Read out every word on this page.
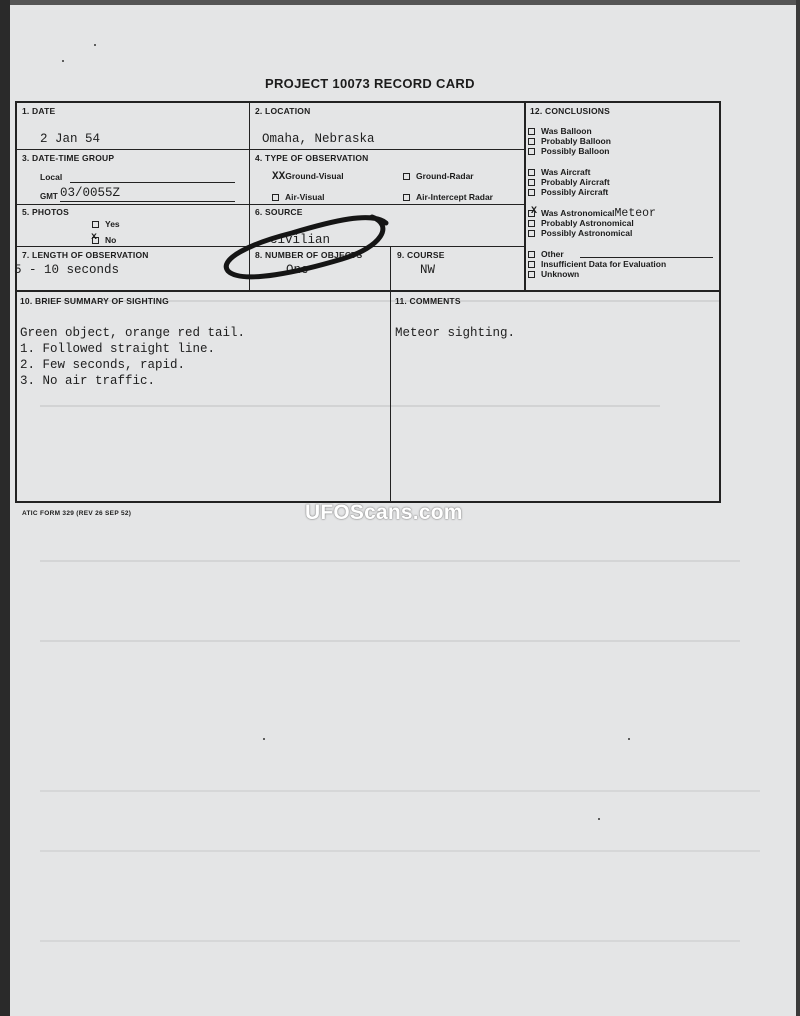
PROJECT 10073 RECORD CARD
1. DATE
2 Jan 54
2. LOCATION
Omaha, Nebraska
3. DATE-TIME GROUP
Local
GMT 03/0055Z
4. TYPE OF OBSERVATION
XXGround-Visual	Ground-Radar
Air-Visual	Air-Intercept Radar
5. PHOTOS
Yes
x No
6. SOURCE
civilian
7. LENGTH OF OBSERVATION
5 - 10 seconds
8. NUMBER OF OBJECTS
One
9. COURSE
NW
10. BRIEF SUMMARY OF SIGHTING
Green object, orange red tail.
1. Followed straight line.
2. Few seconds, rapid.
3. No air traffic.
11. COMMENTS
Meteor sighting.
12. CONCLUSIONS
Was Balloon
Probably Balloon
Possibly Balloon
Was Aircraft
Probably Aircraft
Possibly Aircraft
X Was AstronomicalMeteor
Probably Astronomical
Possibly Astronomical
Other
Insufficient Data for Evaluation
Unknown
ATIC FORM 329 (REV 26 SEP 52)	UFOScans.com
